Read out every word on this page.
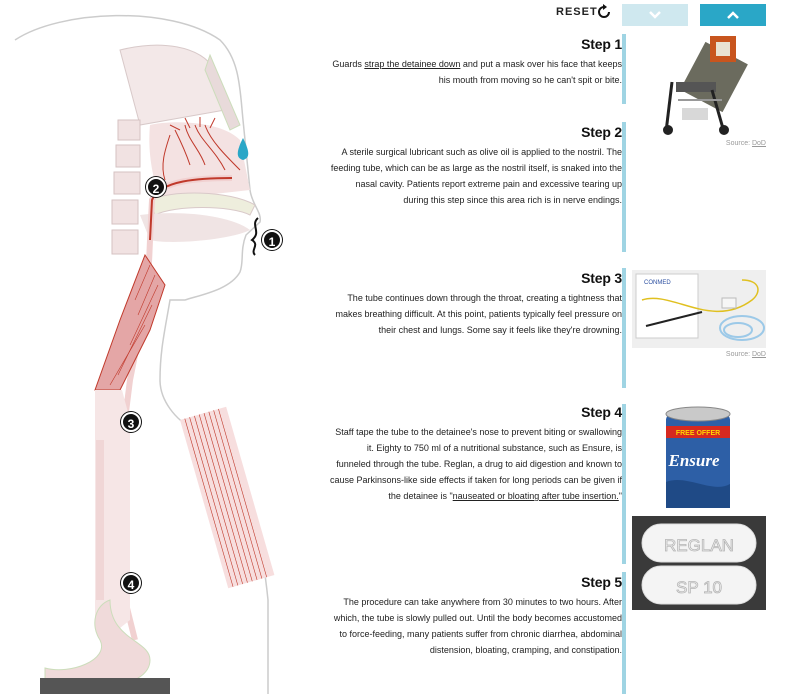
1
2
3
4
RESET
Step 1

Guards strap the detainee down and put a mask over his face that keeps his mouth from moving so he can't spit or bite.

Step 2

A sterile surgical lubricant such as olive oil is applied to the nostril. The feeding tube, which can be as large as the nostril itself, is snaked into the nasal cavity. Patients report extreme pain and excessive tearing up during this step since this area rich is in nerve endings.

Step 3

The tube continues down through the throat, creating a tightness that makes breathing difficult. At this point, patients typically feel pressure on their chest and lungs. Some say it feels like they're drowning.

Step 4

Staff tape the tube to the detainee's nose to prevent biting or swallowing it. Eighty to 750 ml of a nutritional substance, such as Ensure, is funneled through the tube. Reglan, a drug to aid digestion and known to cause Parkinsons-like side effects if taken for long periods can be given if the detainee is "nauseated or bloating after tube insertion."

Step 5

The procedure can take anywhere from 30 minutes to two hours. After which, the tube is slowly pulled out. Until the body becomes accustomed to force-feeding, many patients suffer from chronic diarrhea, abdominal distension, bloating, cramping, and constipation.

Source: DoD
CONMED
Source: DoD
FREE OFFER
Ensure
REGLAN
SP 10
